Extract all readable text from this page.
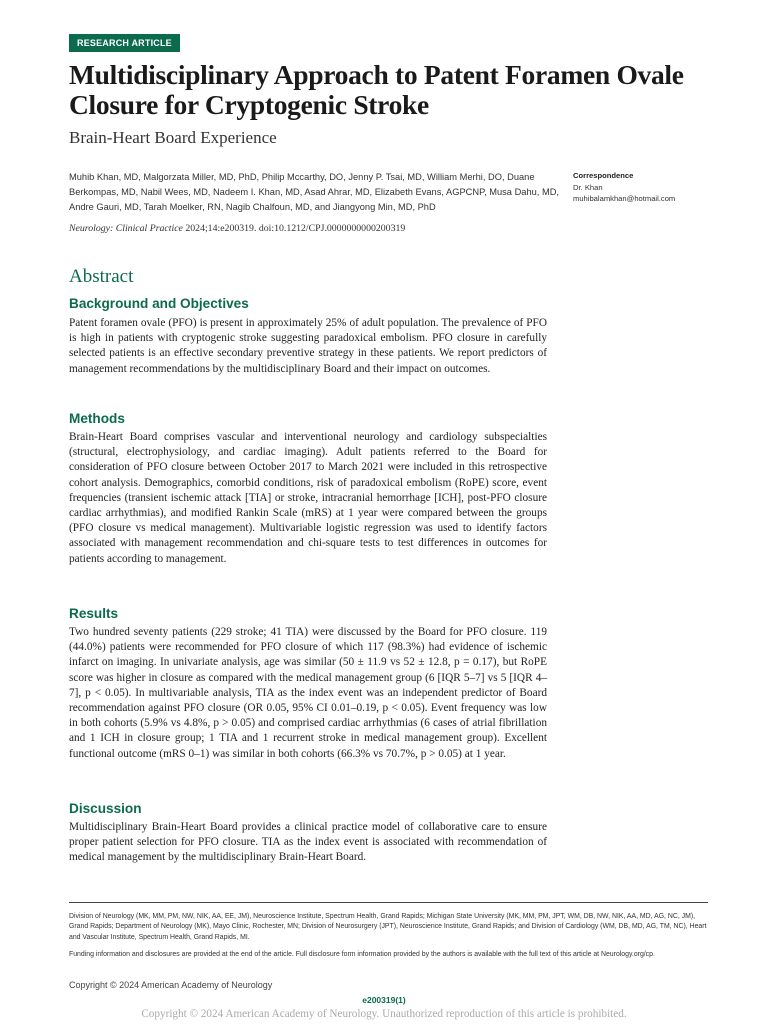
RESEARCH ARTICLE
Multidisciplinary Approach to Patent Foramen Ovale Closure for Cryptogenic Stroke
Brain-Heart Board Experience
Muhib Khan, MD, Malgorzata Miller, MD, PhD, Philip Mccarthy, DO, Jenny P. Tsai, MD, William Merhi, DO, Duane Berkompas, MD, Nabil Wees, MD, Nadeem I. Khan, MD, Asad Ahrar, MD, Elizabeth Evans, AGPCNP, Musa Dahu, MD, Andre Gauri, MD, Tarah Moelker, RN, Nagib Chalfoun, MD, and Jiangyong Min, MD, PhD
Correspondence
Dr. Khan
muhibalamkhan@hotmail.com
Neurology: Clinical Practice 2024;14:e200319. doi:10.1212/CPJ.0000000000200319
Abstract
Background and Objectives
Patent foramen ovale (PFO) is present in approximately 25% of adult population. The prevalence of PFO is high in patients with cryptogenic stroke suggesting paradoxical embolism. PFO closure in carefully selected patients is an effective secondary preventive strategy in these patients. We report predictors of management recommendations by the multidisciplinary Board and their impact on outcomes.
Methods
Brain-Heart Board comprises vascular and interventional neurology and cardiology subspecialties (structural, electrophysiology, and cardiac imaging). Adult patients referred to the Board for consideration of PFO closure between October 2017 to March 2021 were included in this retrospective cohort analysis. Demographics, comorbid conditions, risk of paradoxical embolism (RoPE) score, event frequencies (transient ischemic attack [TIA] or stroke, intracranial hemorrhage [ICH], post-PFO closure cardiac arrhythmias), and modified Rankin Scale (mRS) at 1 year were compared between the groups (PFO closure vs medical management). Multivariable logistic regression was used to identify factors associated with management recommendation and chi-square tests to test differences in outcomes for patients according to management.
Results
Two hundred seventy patients (229 stroke; 41 TIA) were discussed by the Board for PFO closure. 119 (44.0%) patients were recommended for PFO closure of which 117 (98.3%) had evidence of ischemic infarct on imaging. In univariate analysis, age was similar (50 ± 11.9 vs 52 ± 12.8, p = 0.17), but RoPE score was higher in closure as compared with the medical management group (6 [IQR 5–7] vs 5 [IQR 4–7], p < 0.05). In multivariable analysis, TIA as the index event was an independent predictor of Board recommendation against PFO closure (OR 0.05, 95% CI 0.01–0.19, p < 0.05). Event frequency was low in both cohorts (5.9% vs 4.8%, p > 0.05) and comprised cardiac arrhythmias (6 cases of atrial fibrillation and 1 ICH in closure group; 1 TIA and 1 recurrent stroke in medical management group). Excellent functional outcome (mRS 0–1) was similar in both cohorts (66.3% vs 70.7%, p > 0.05) at 1 year.
Discussion
Multidisciplinary Brain-Heart Board provides a clinical practice model of collaborative care to ensure proper patient selection for PFO closure. TIA as the index event is associated with recommendation of medical management by the multidisciplinary Brain-Heart Board.
Division of Neurology (MK, MM, PM, NW, NIK, AA, EE, JM), Neuroscience Institute, Spectrum Health, Grand Rapids; Michigan State University (MK, MM, PM, JPT, WM, DB, NW, NIK, AA, MD, AG, NC, JM), Grand Rapids; Department of Neurology (MK), Mayo Clinic, Rochester, MN; Division of Neurosurgery (JPT), Neuroscience Institute, Grand Rapids; and Division of Cardiology (WM, DB, MD, AG, TM, NC), Heart and Vascular Institute, Spectrum Health, Grand Rapids, MI.
Funding information and disclosures are provided at the end of the article. Full disclosure form information provided by the authors is available with the full text of this article at Neurology.org/cp.
Copyright © 2024 American Academy of Neurology
e200319(1)
Copyright © 2024 American Academy of Neurology. Unauthorized reproduction of this article is prohibited.
